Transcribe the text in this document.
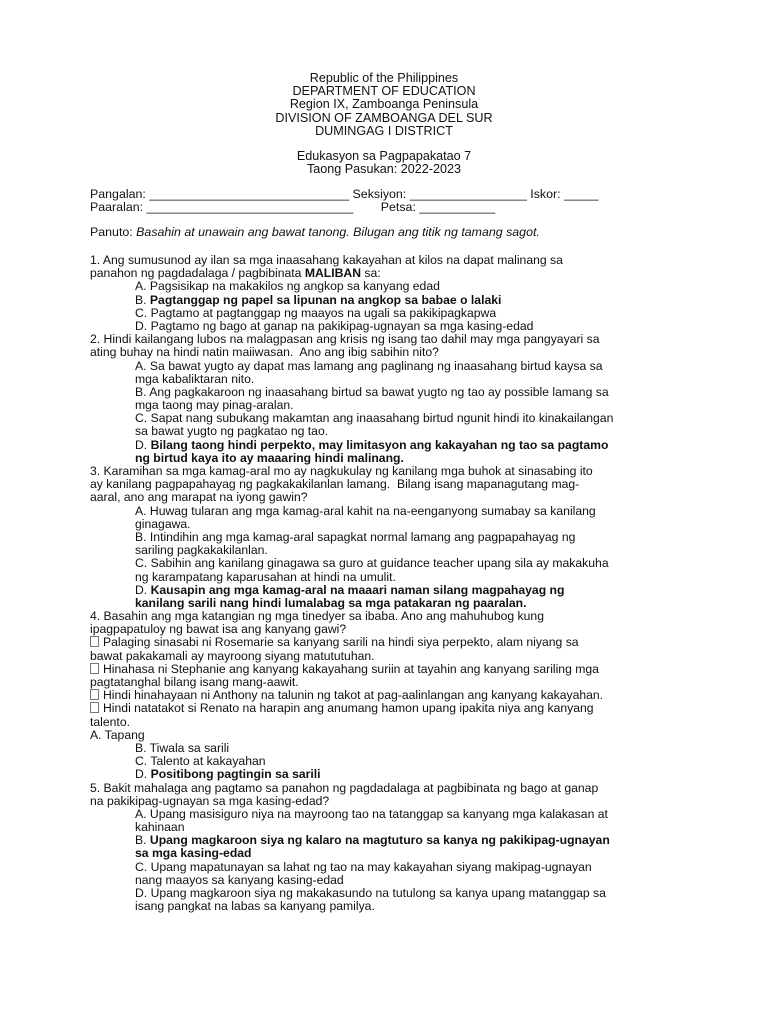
Republic of the Philippines
DEPARTMENT OF EDUCATION
Region IX, Zamboanga Peninsula
DIVISION OF ZAMBOANGA DEL SUR
DUMINGAG I DISTRICT
Edukasyon sa Pagpapakatao 7
Taong Pasukan: 2022-2023
Pangalan: _____________________________ Seksiyon: _________________ Iskor: _____
Paaralan: ______________________________        Petsa: ___________
Panuto: Basahin at unawain ang bawat tanong. Bilugan ang titik ng tamang sagot.
1. Ang sumusunod ay ilan sa mga inaasahang kakayahan at kilos na dapat malinang sa
panahon ng pagdadalaga / pagbibinata MALIBAN sa:
A. Pagsisikap na makakilos ng angkop sa kanyang edad
B. Pagtanggap ng papel sa lipunan na angkop sa babae o lalaki
C. Pagtamo at pagtanggap ng maayos na ugali sa pakikipagkapwa
D. Pagtamo ng bago at ganap na pakikipag-ugnayan sa mga kasing-edad
2. Hindi kailangang lubos na malagpasan ang krisis ng isang tao dahil may mga pangyayari sa
ating buhay na hindi natin maiiwasan.  Ano ang ibig sabihin nito?
A. Sa bawat yugto ay dapat mas lamang ang paglinang ng inaasahang birtud kaysa sa
mga kabaliktaran nito.
B. Ang pagkakaroon ng inaasahang birtud sa bawat yugto ng tao ay possible lamang sa
mga taong may pinag-aralan.
C. Sapat nang subukang makamtan ang inaasahang birtud ngunit hindi ito kinakailangan
sa bawat yugto ng pagkatao ng tao.
D. Bilang taong hindi perpekto, may limitasyon ang kakayahan ng tao sa pagtamo
ng birtud kaya ito ay maaaring hindi malinang.
3. Karamihan sa mga kamag-aral mo ay nagkukulay ng kanilang mga buhok at sinasabing ito
ay kanilang pagpapahayag ng pagkakakilanlan lamang.  Bilang isang mapanagutang mag-
aaral, ano ang marapat na iyong gawin?
A. Huwag tularan ang mga kamag-aral kahit na na-eenganyong sumabay sa kanilang
ginagawa.
B. Intindihin ang mga kamag-aral sapagkat normal lamang ang pagpapahayag ng
sariling pagkakakilanlan.
C. Sabihin ang kanilang ginagawa sa guro at guidance teacher upang sila ay makakuha
ng karampatang kaparusahan at hindi na umulit.
D. Kausapin ang mga kamag-aral na maaari naman silang magpahayag ng
kanilang sarili nang hindi lumalabag sa mga patakaran ng paaralan.
4. Basahin ang mga katangian ng mga tinedyer sa ibaba. Ano ang mahuhubog kung
ipagpapatuloy ng bawat isa ang kanyang gawi?
Palaging sinasabi ni Rosemarie sa kanyang sarili na hindi siya perpekto, alam niyang sa
bawat pakakamali ay mayroong siyang matututuhan.
Hinahasa ni Stephanie ang kanyang kakayahang suriin at tayahin ang kanyang sariling mga
pagtatanghal bilang isang mang-aawit.
Hindi hinahayaan ni Anthony na talunin ng takot at pag-aalinlangan ang kanyang kakayahan.
Hindi natatakot si Renato na harapin ang anumang hamon upang ipakita niya ang kanyang
talento.
A. Tapang
B. Tiwala sa sarili
C. Talento at kakayahan
D. Positibong pagtingin sa sarili
5. Bakit mahalaga ang pagtamo sa panahon ng pagdadalaga at pagbibinata ng bago at ganap
na pakikipag-ugnayan sa mga kasing-edad?
A. Upang masisiguro niya na mayroong tao na tatanggap sa kanyang mga kalakasan at
kahinaan
B. Upang magkaroon siya ng kalaro na magtuturo sa kanya ng pakikipag-ugnayan
sa mga kasing-edad
C. Upang mapatunayan sa lahat ng tao na may kakayahan siyang makipag-ugnayan
nang maayos sa kanyang kasing-edad
D. Upang magkaroon siya ng makakasundo na tutulong sa kanya upang matanggap sa
isang pangkat na labas sa kanyang pamilya.
